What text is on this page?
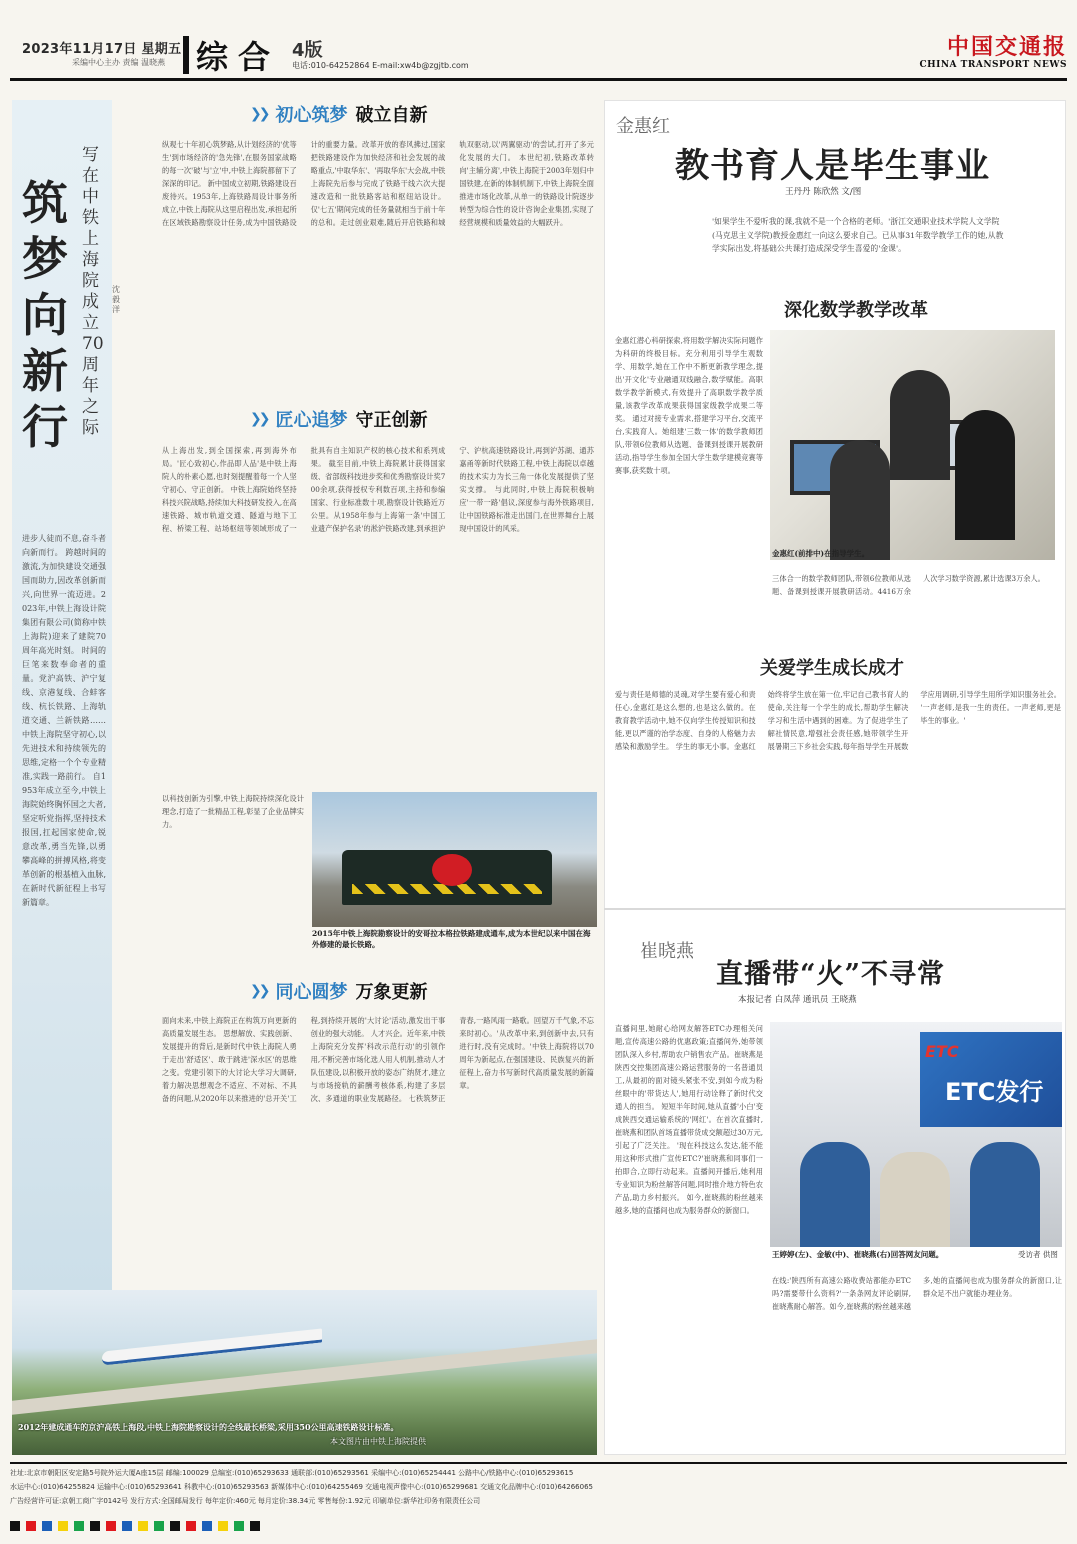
2023年11月17日 星期五
采编中心主办 责编 温晓燕 综合 4版
电话:010-64252864 E-mail:xw4b@zgjtb.com
中国交通报
CHINA TRANSPORT NEWS
筑梦向新行
写在中铁上海院成立70周年之际
沈毅洋
进步人徒而不息,奋斗者向新而行。 跨越时间的激流,为加快建设交通强国而助力,因改革创新而兴,向世界一流迈进。2023年,中铁上海设计院集团有限公司(简称中铁上海院)迎来了建院70周年高光时刻。 时间的巨笔来数奉命者的重量。党沪高铁、沪宁复线、京港复线、合蚌客线、杭长铁路、上海轨道交通、兰新铁路……中铁上海院坚守初心,以先进技术和持续领先的思维,定格一个个专业精准,实践一路前行。 自1953年成立至今,中铁上海院始终胸怀国之大者,坚定听党指挥,坚持技术报国,扛起国家使命,锐意改革,勇当先锋,以勇攀高峰的拼搏风格,将变革创新的根基植入血脉,在新时代新征程上书写新篇章。
❯❯ 初心筑梦 破立自新
纵观七十年初心筑梦路,从计划经济的'优等生'到市场经济的'急先锋',在服务国家战略的每一次'破'与'立'中,中铁上海院都留下了深深的印记。 新中国成立初期,铁路建设百废待兴。1953年,上海铁路局设计事务所成立,中铁上海院从这里启程出发,承担起所在区域铁路勘察设计任务,成为中国铁路设计的重要力量。改革开放的春风拂过,国家把铁路建设作为加快经济和社会发展的战略重点,'中取华东'、'再取华东'大会战,中铁上海院先后参与完成了铁路干线六次大提速改造和一批铁路客站和枢纽站设计。仅'七五'期间完成的任务量就相当于前十年的总和。走过创业艰难,随后开启铁路和城轨双驱动,以'两翼驱动'的尝试,打开了多元化发展的大门。 本世纪初,铁路改革转向'主辅分离',中铁上海院于2003年划归中国铁建,在新的体制机制下,中铁上海院全面推进市场化改革,从单一的铁路设计院逐步转型为综合性的设计咨询企业集团,实现了经营规模和质量效益的大幅跃升。
❯❯ 匠心追梦 守正创新
从上海出发,到全国探索,再到海外布局。'匠心致初心,作品即人品'是中铁上海院人的朴素心愿,也时刻提醒着每一个人坚守初心、守正创新。 中铁上海院始终坚持科技兴院战略,持续加大科技研发投入,在高速铁路、城市轨道交通、隧道与地下工程、桥梁工程、站场枢纽等领域形成了一批具有自主知识产权的核心技术和系列成果。 截至目前,中铁上海院累计获得国家级、省部级科技进步奖和优秀勘察设计奖700余项,获得授权专利数百项,主持和参编国家、行业标准数十项,勘察设计铁路近万公里。从1958年参与上海第一条'中国工业遗产保护名录'的淞沪铁路改建,到承担沪宁、沪杭高速铁路设计,再到沪苏湖、通苏嘉甬等新时代铁路工程,中铁上海院以卓越的技术实力为长三角一体化发展提供了坚实支撑。 与此同时,中铁上海院积极响应'一带一路'倡议,深度参与海外铁路项目,让中国铁路标准走出国门,在世界舞台上展现中国设计的风采。
2015年中铁上海院勘察设计的安哥拉本格拉铁路建成通车,成为本世纪以来中国在海外修建的最长铁路。
以科技创新为引擎,中铁上海院持续深化设计理念,打造了一批精品工程,彰显了企业品牌实力。
❯❯ 同心圆梦 万象更新
面向未来,中铁上海院正在构筑万向更新的高质量发展生态。 思想解放、实践创新、发展提升的背后,是新时代中铁上海院人勇于走出'舒适区'、敢于跳进'深水区'的思维之变。党建引领下的大讨论大学习大调研,着力解决思想观念不适应、不对标、不具备的问题,从2020年以来推进的'总开关'工程,到持续开展的'大讨论'活动,激发出干事创业的强大动能。 人才兴企。近年来,中铁上海院充分发挥'科改示范行动'的引领作用,不断完善市场化选人用人机制,推动人才队伍建设,以积极开放的姿态广纳贤才,建立与市场接轨的薪酬考核体系,构建了多层次、多通道的职业发展路径。 七秩筑梦正青春,一路风雨一路歌。回望万千气象,不忘来时初心。'从改革中来,到创新中去,只有进行时,没有完成时。'中铁上海院将以70周年为新起点,在强国建设、民族复兴的新征程上,奋力书写新时代高质量发展的新篇章。
2012年建成通车的京沪高铁上海段,中铁上海院勘察设计的全线最长桥梁,采用350公里高速铁路设计标准。
本文图片由中铁上海院提供
金惠红
教书育人是毕生事业
王丹丹 陈欣然 文/图
'如果学生不爱听我的课,我就不是一个合格的老师。'浙江交通职业技术学院人文学院(马克思主义学院)教授金惠红一向这么要求自己。已从事31年数学教学工作的她,从教学实际出发,将基础公共课打造成深受学生喜爱的'金课'。
深化数学教学改革
金惠红潜心科研探索,将用数学解决实际问题作为科研的终极目标。充分利用引导学生观数学、用数学,她在工作中不断更新教学理念,提出'开文化'专业融通双线融合,数学赋能。高职数学教学新模式,有效提升了高职数学教学质量,该教学改革成果获得国家级教学成果二等奖。 通过对接专业需求,搭建学习平台,交流平台,实践育人。她组建'三数一体'的数学教师团队,带领6位教师从选题、备课到授课开展教研活动,指导学生参加全国大学生数学建模竞赛等赛事,获奖数十项。
金惠红(前排中)在指导学生。
三体合一的数学教师团队,带领6位教师从选题、备课到授课开展教研活动。4416万余人次学习数学资源,累计选课3万余人。
关爱学生成长成才
爱与责任是师德的灵魂,对学生要有爱心和责任心,金惠红是这么想的,也是这么做的。在教育教学活动中,她不仅向学生传授知识和技能,更以严谨的治学态度、自身的人格魅力去感染和激励学生。 学生的事无小事。金惠红始终将学生放在第一位,牢记自己教书育人的使命,关注每一个学生的成长,帮助学生解决学习和生活中遇到的困难。为了促进学生了解社情民意,增强社会责任感,她带领学生开展暑期三下乡社会实践,每年指导学生开展数学应用调研,引导学生用所学知识服务社会。 '一声老师,是我一生的责任。一声老师,更是毕生的事业。'
崔晓燕
直播带“火”不寻常
本报记者 白凤萍 通讯员 王晓燕
直播间里,她耐心给网友解答ETC办理相关问题,宣传高速公路的优惠政策;直播间外,她带领团队深入乡村,帮助农户销售农产品。崔晓燕是陕西交控集团高速公路运营服务的一名普通员工,从最初的面对镜头紧张不安,到如今成为粉丝眼中的'带货达人',她用行动诠释了新时代交通人的担当。 短短半年时间,她从直播'小白'变成陕西交通运输系统的'网红'。在首次直播时,崔晓燕和团队首场直播带货成交额超过30万元,引起了广泛关注。 '现在科技这么发达,能不能用这种形式推广宣传ETC?'崔晓燕和同事们一拍即合,立即行动起来。直播间开播后,她利用专业知识为粉丝解答问题,同时推介地方特色农产品,助力乡村振兴。 如今,崔晓燕的粉丝越来越多,她的直播间也成为服务群众的新窗口。
ETC
ETC发行
王婷婷(左)、金敏(中)、崔晓燕(右)回答网友问题。	受访者 供图
在线:'陕西所有高速公路收费站都能办ETC吗?需要带什么资料?'一条条网友评论刷屏,崔晓燕耐心解答。如今,崔晓燕的粉丝越来越多,她的直播间也成为服务群众的新窗口,让群众足不出户就能办理业务。
社址:北京市朝阳区安定路5号院外运大厦A座15层 邮编:100029 总编室:(010)65293633 通联部:(010)65293561 采编中心:(010)65254441 公路中心/铁路中心:(010)65293615
水运中心:(010)64255824 运输中心:(010)65293641 科教中心:(010)65293563 新媒体中心:(010)64255469 交通电视声像中心:(010)65299681 交通文化品牌中心:(010)64266065
广告经营许可证:京朝工商广字0142号 发行方式:全国邮局发行 每年定价:460元 每月定价:38.34元 零售每份:1.92元 印刷单位:新华社印务有限责任公司
